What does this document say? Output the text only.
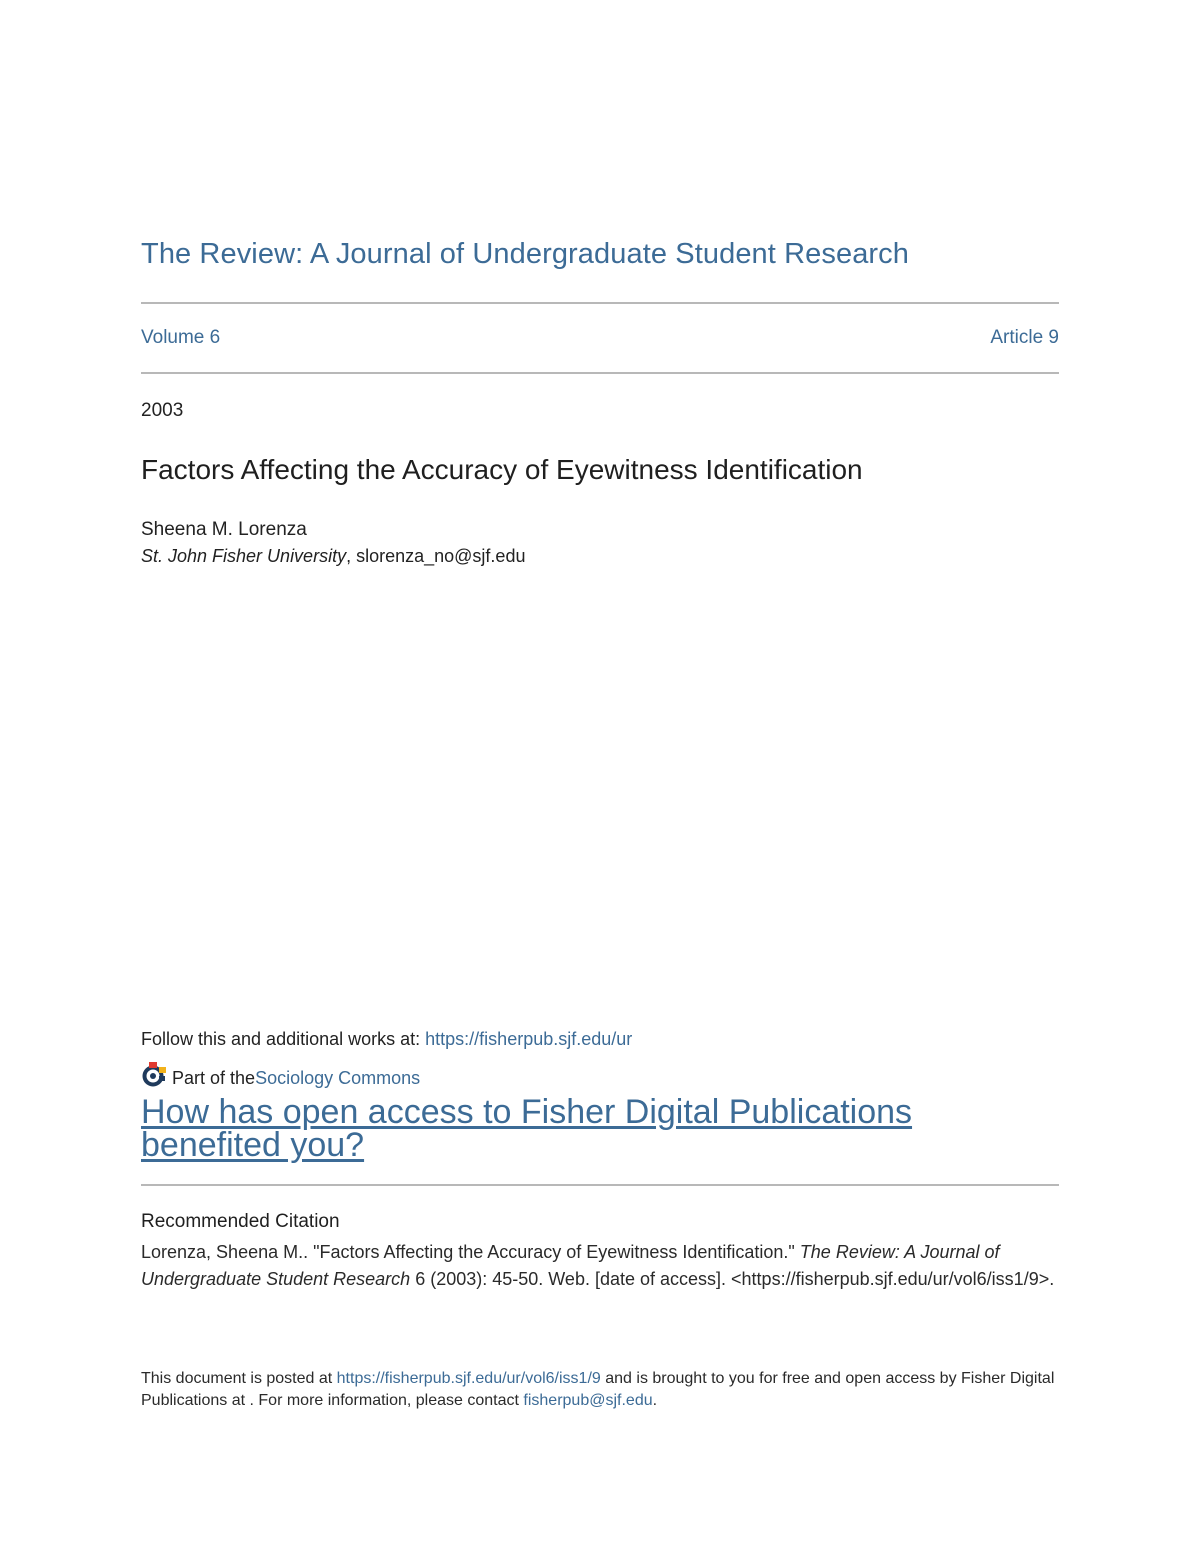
The Review: A Journal of Undergraduate Student Research
Volume 6	Article 9
2003
Factors Affecting the Accuracy of Eyewitness Identification
Sheena M. Lorenza
St. John Fisher University, slorenza_no@sjf.edu
Follow this and additional works at: https://fisherpub.sjf.edu/ur
Part of the Sociology Commons
How has open access to Fisher Digital Publications benefited you?
Recommended Citation
Lorenza, Sheena M.. "Factors Affecting the Accuracy of Eyewitness Identification." The Review: A Journal of Undergraduate Student Research 6 (2003): 45-50. Web. [date of access]. <https://fisherpub.sjf.edu/ur/vol6/iss1/9>.
This document is posted at https://fisherpub.sjf.edu/ur/vol6/iss1/9 and is brought to you for free and open access by Fisher Digital Publications at . For more information, please contact fisherpub@sjf.edu.
